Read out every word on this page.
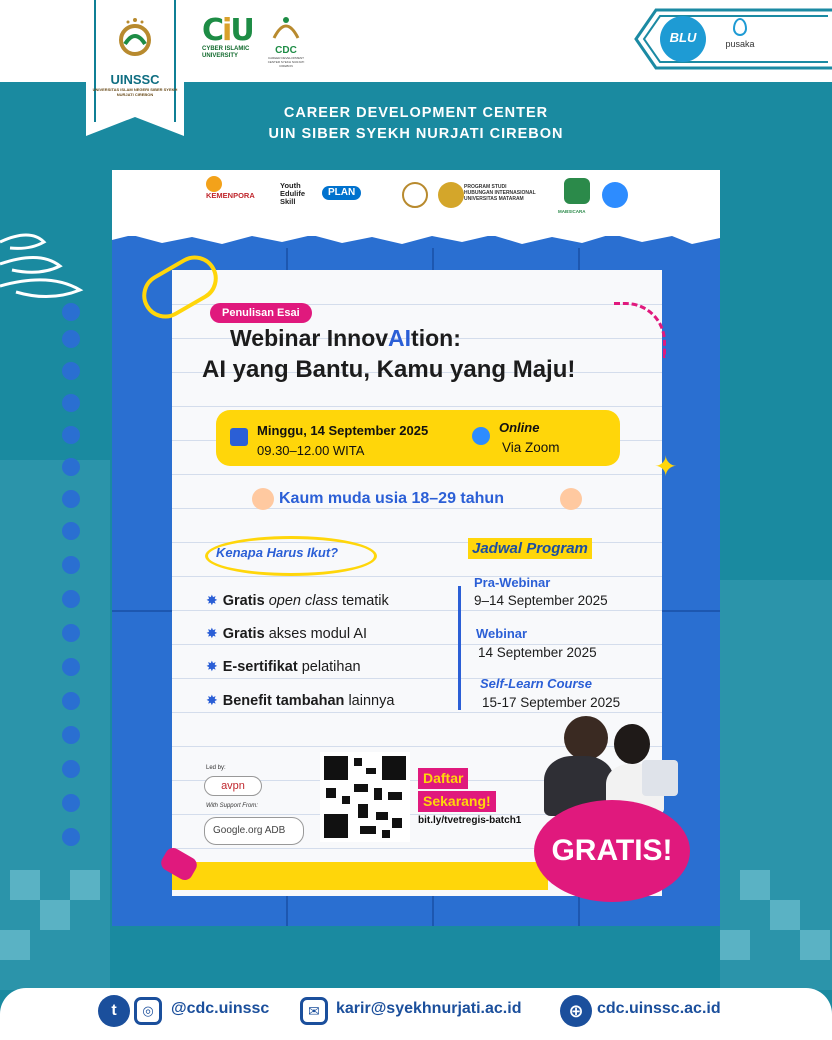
UINSSC
UNIVERSITAS ISLAM NEGERI SIBER SYEKH NURJATI CIREBON
CiU
CYBER ISLAMIC
UNIVERSITY	CDC
CAREER DEVELOPMENT CENTER SYEKH NURJATI CIREBON
BLU	pusaka
CAREER DEVELOPMENT CENTER
UIN SIBER SYEKH NURJATI CIREBON
KEMENPORA
Youth
Edulife
Skill
PLAN	PROGRAM STUDI
HUBUNGAN INTERNASIONAL
UNIVERSITAS MATARAM
MABSICARA
✦
Penulisan Esai
Webinar InnovAItion:
AI yang Bantu, Kamu yang Maju!
Minggu, 14 September 2025
09.30–12.00 WITA
Online
Via Zoom
Kaum muda usia 18–29 tahun
Kenapa Harus Ikut?
✸ Gratis open class tematik
✸ Gratis akses modul AI
✸ E-sertifikat pelatihan
✸ Benefit tambahan lainnya
Jadwal Program
Pra-Webinar
9–14 September 2025
Webinar
14 September 2025
Self-Learn Course
15-17 September 2025
Led by:
avpn
With Support From:
Google.org ADB
Daftar
Sekarang!
bit.ly/tvetregis-batch1
GRATIS!
t	◎	@cdc.uinssc	✉	karir@syekhnurjati.ac.id	⊕ cdc.uinssc.ac.id
